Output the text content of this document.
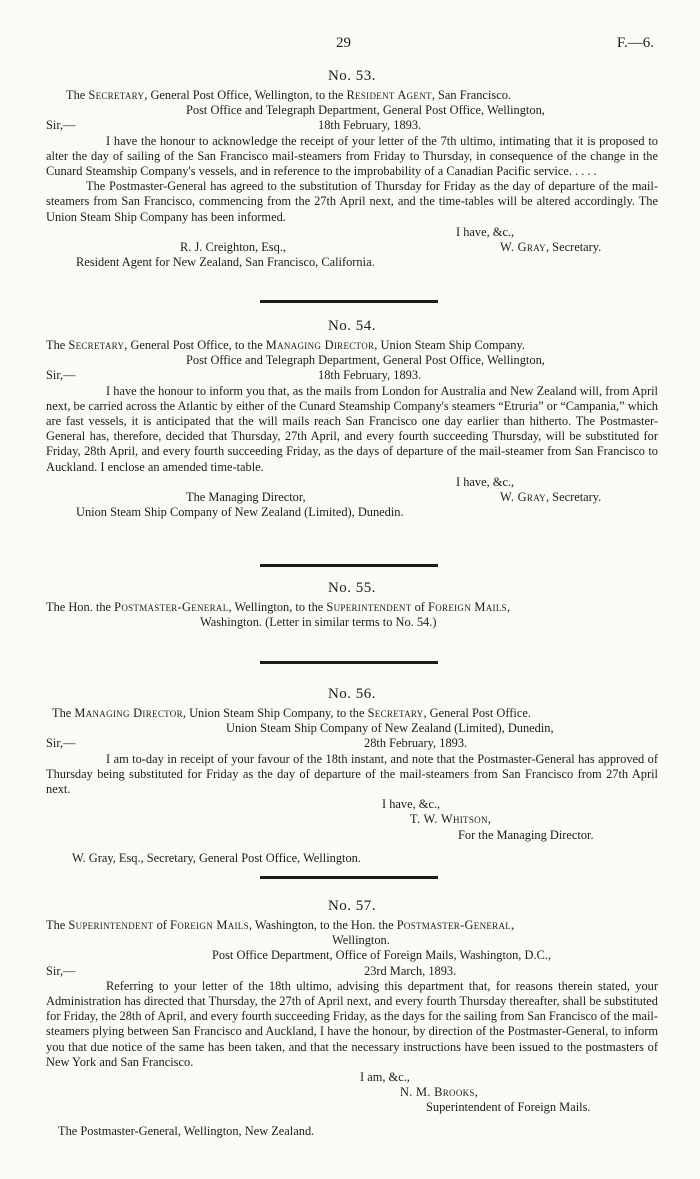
29	F.—6.
No. 53.

The Secretary, General Post Office, Wellington, to the Resident Agent, San Francisco.

Post Office and Telegraph Department, General Post Office, Wellington,

Sir,—	18th February, 1893.

I have the honour to acknowledge the receipt of your letter of the 7th ultimo, intimating that it is proposed to alter the day of sailing of the San Francisco mail-steamers from Friday to Thursday, in consequence of the change in the Cunard Steamship Company's vessels, and in reference to the improbability of a Canadian Pacific service. . . . .

The Postmaster-General has agreed to the substitution of Thursday for Friday as the day of departure of the mail-steamers from San Francisco, commencing from the 27th April next, and the time-tables will be altered accordingly. The Union Steam Ship Company has been informed.

I have, &c.,

R. J. Creighton, Esq.,	W. Gray, Secretary.

Resident Agent for New Zealand, San Francisco, California.

No. 54.

The Secretary, General Post Office, to the Managing Director, Union Steam Ship Company.

Post Office and Telegraph Department, General Post Office, Wellington,

Sir,—	18th February, 1893.

I have the honour to inform you that, as the mails from London for Australia and New Zealand will, from April next, be carried across the Atlantic by either of the Cunard Steamship Company's steamers “Etruria” or “Campania,” which are fast vessels, it is anticipated that the will mails reach San Francisco one day earlier than hitherto. The Postmaster-General has, therefore, decided that Thursday, 27th April, and every fourth succeeding Thursday, will be substituted for Friday, 28th April, and every fourth succeeding Friday, as the days of departure of the mail-steamer from San Francisco to Auckland. I enclose an amended time-table.

I have, &c.,

The Managing Director,	W. Gray, Secretary.

Union Steam Ship Company of New Zealand (Limited), Dunedin.

No. 55.

The Hon. the Postmaster-General, Wellington, to the Superintendent of Foreign Mails,

Washington. (Letter in similar terms to No. 54.)

No. 56.

The Managing Director, Union Steam Ship Company, to the Secretary, General Post Office.

Union Steam Ship Company of New Zealand (Limited), Dunedin,

Sir,—	28th February, 1893.

I am to-day in receipt of your favour of the 18th instant, and note that the Postmaster-General has approved of Thursday being substituted for Friday as the day of departure of the mail-steamers from San Francisco from 27th April next.

I have, &c.,

T. W. Whitson,

For the Managing Director.

W. Gray, Esq., Secretary, General Post Office, Wellington.

No. 57.

The Superintendent of Foreign Mails, Washington, to the Hon. the Postmaster-General,

Wellington.

Post Office Department, Office of Foreign Mails, Washington, D.C.,

Sir,—	23rd March, 1893.

Referring to your letter of the 18th ultimo, advising this department that, for reasons therein stated, your Administration has directed that Thursday, the 27th of April next, and every fourth Thursday thereafter, shall be substituted for Friday, the 28th of April, and every fourth succeeding Friday, as the days for the sailing from San Francisco of the mail-steamers plying between San Francisco and Auckland, I have the honour, by direction of the Postmaster-General, to inform you that due notice of the same has been taken, and that the necessary instructions have been issued to the postmasters of New York and San Francisco.

I am, &c.,

N. M. Brooks,

Superintendent of Foreign Mails.

The Postmaster-General, Wellington, New Zealand.
